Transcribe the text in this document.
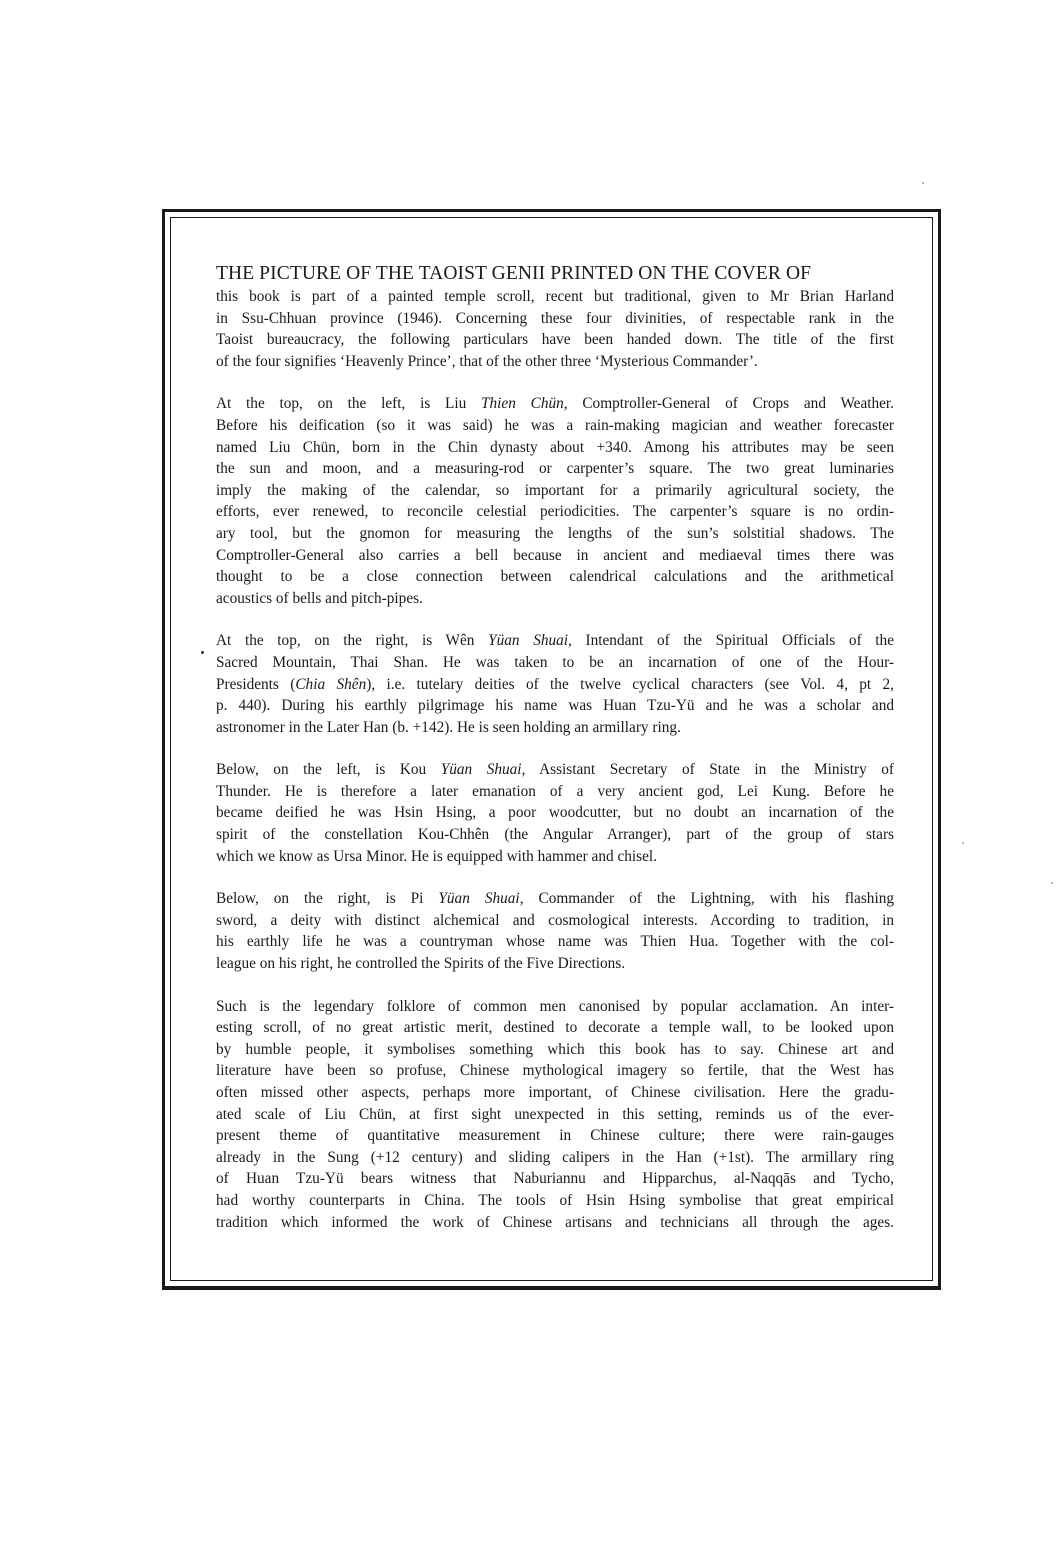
THE PICTURE OF THE TAOIST GENII PRINTED ON THE COVER OF
this book is part of a painted temple scroll, recent but traditional, given to Mr Brian Harland
in Ssu-Chhuan province (1946). Concerning these four divinities, of respectable rank in the
Taoist bureaucracy, the following particulars have been handed down. The title of the first
of the four signifies ‘Heavenly Prince’, that of the other three ‘Mysterious Commander’.
At the top, on the left, is Liu Thien Chün, Comptroller-General of Crops and Weather.
Before his deification (so it was said) he was a rain-making magician and weather forecaster
named Liu Chün, born in the Chin dynasty about +340. Among his attributes may be seen
the sun and moon, and a measuring-rod or carpenter’s square. The two great luminaries
imply the making of the calendar, so important for a primarily agricultural society, the
efforts, ever renewed, to reconcile celestial periodicities. The carpenter’s square is no ordin-
ary tool, but the gnomon for measuring the lengths of the sun’s solstitial shadows. The
Comptroller-General also carries a bell because in ancient and mediaeval times there was
thought to be a close connection between calendrical calculations and the arithmetical
acoustics of bells and pitch-pipes.
At the top, on the right, is Wên Yüan Shuai, Intendant of the Spiritual Officials of the
Sacred Mountain, Thai Shan. He was taken to be an incarnation of one of the Hour-
Presidents (Chia Shên), i.e. tutelary deities of the twelve cyclical characters (see Vol. 4, pt 2,
p. 440). During his earthly pilgrimage his name was Huan Tzu-Yü and he was a scholar and
astronomer in the Later Han (b. +142). He is seen holding an armillary ring.
Below, on the left, is Kou Yüan Shuai, Assistant Secretary of State in the Ministry of
Thunder. He is therefore a later emanation of a very ancient god, Lei Kung. Before he
became deified he was Hsin Hsing, a poor woodcutter, but no doubt an incarnation of the
spirit of the constellation Kou-Chhên (the Angular Arranger), part of the group of stars
which we know as Ursa Minor. He is equipped with hammer and chisel.
Below, on the right, is Pi Yüan Shuai, Commander of the Lightning, with his flashing
sword, a deity with distinct alchemical and cosmological interests. According to tradition, in
his earthly life he was a countryman whose name was Thien Hua. Together with the col-
league on his right, he controlled the Spirits of the Five Directions.
Such is the legendary folklore of common men canonised by popular acclamation. An inter-
esting scroll, of no great artistic merit, destined to decorate a temple wall, to be looked upon
by humble people, it symbolises something which this book has to say. Chinese art and
literature have been so profuse, Chinese mythological imagery so fertile, that the West has
often missed other aspects, perhaps more important, of Chinese civilisation. Here the gradu-
ated scale of Liu Chün, at first sight unexpected in this setting, reminds us of the ever-
present theme of quantitative measurement in Chinese culture; there were rain-gauges
already in the Sung (+12 century) and sliding calipers in the Han (+1st). The armillary ring
of Huan Tzu-Yü bears witness that Naburiannu and Hipparchus, al-Naqqās and Tycho,
had worthy counterparts in China. The tools of Hsin Hsing symbolise that great empirical
tradition which informed the work of Chinese artisans and technicians all through the ages.
